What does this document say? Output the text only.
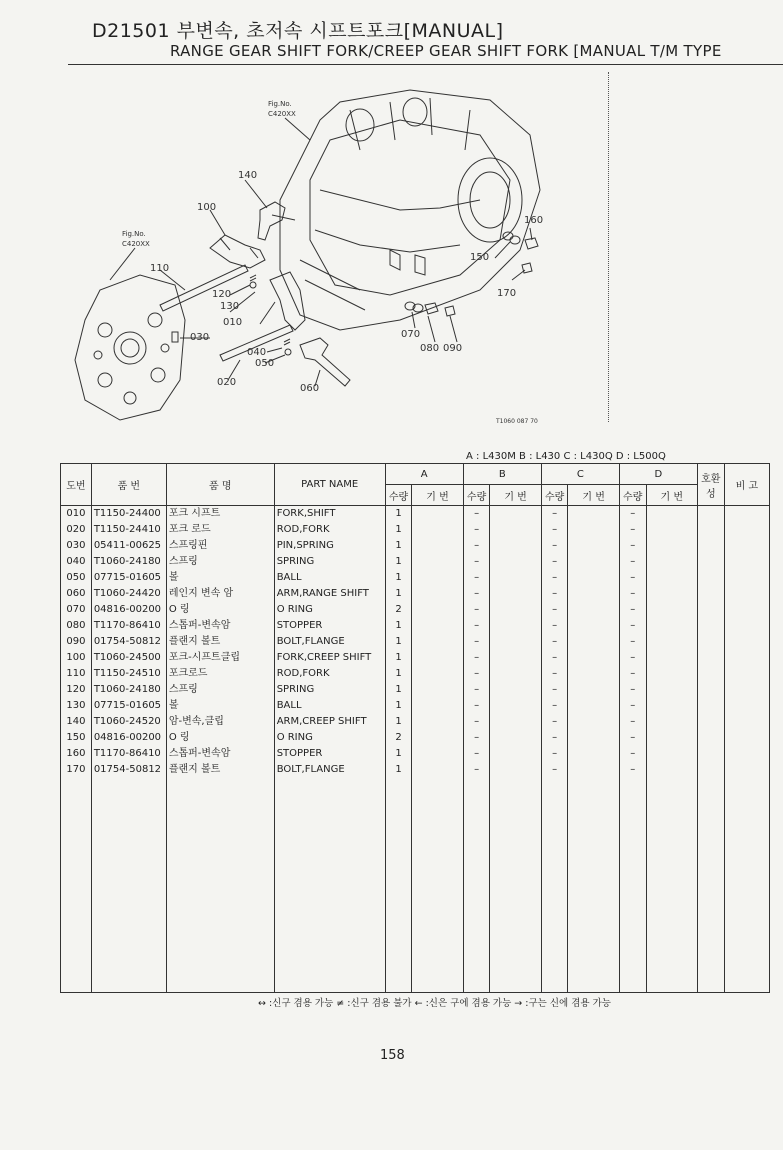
D21501 부변속, 초저속 시프트포크[MANUAL]
RANGE GEAR SHIFT FORK/CREEP GEAR SHIFT FORK [MANUAL T/M TYPE
Fig.No.
C420XX
Fig.No.
C420XX
140
100
110
120
130
010
030
040
050
020
060
070
080 090
150
160
170
T1060 087 70
A : L430M B : L430 C : L430Q D : L500Q
도번	품 번	품 명	PART NAME	A		B		C		D		호환성	비 고
				수량	기 번	수량	기 번	수량	기 번	수량	기 번		
010	T1150-24400	포크 시프트	FORK,SHIFT	1		–		–		–			
020	T1150-24410	포크 로드	ROD,FORK	1		–		–		–			
030	05411-00625	스프링핀	PIN,SPRING	1		–		–		–			
040	T1060-24180	스프링	SPRING	1		–		–		–			
050	07715-01605	볼	BALL	1		–		–		–			
060	T1060-24420	레인지 변속 암	ARM,RANGE SHIFT	1		–		–		–			
070	04816-00200	O 링	O RING	2		–		–		–			
080	T1170-86410	스톱퍼-변속암	STOPPER	1		–		–		–			
090	01754-50812	플랜지 볼트	BOLT,FLANGE	1		–		–		–			
100	T1060-24500	포크-시프트클립	FORK,CREEP SHIFT	1		–		–		–			
110	T1150-24510	포크로드	ROD,FORK	1		–		–		–			
120	T1060-24180	스프링	SPRING	1		–		–		–			
130	07715-01605	볼	BALL	1		–		–		–			
140	T1060-24520	암-변속,클립	ARM,CREEP SHIFT	1		–		–		–			
150	04816-00200	O 링	O RING	2		–		–		–			
160	T1170-86410	스톱퍼-변속암	STOPPER	1		–		–		–			
170	01754-50812	플랜지 볼트	BOLT,FLANGE	1		–		–		–			

↔ :신구 겸용 가능 ≠ :신구 겸용 불가 ← :신은 구에 겸용 가능 → :구는 신에 겸용 가능
158
